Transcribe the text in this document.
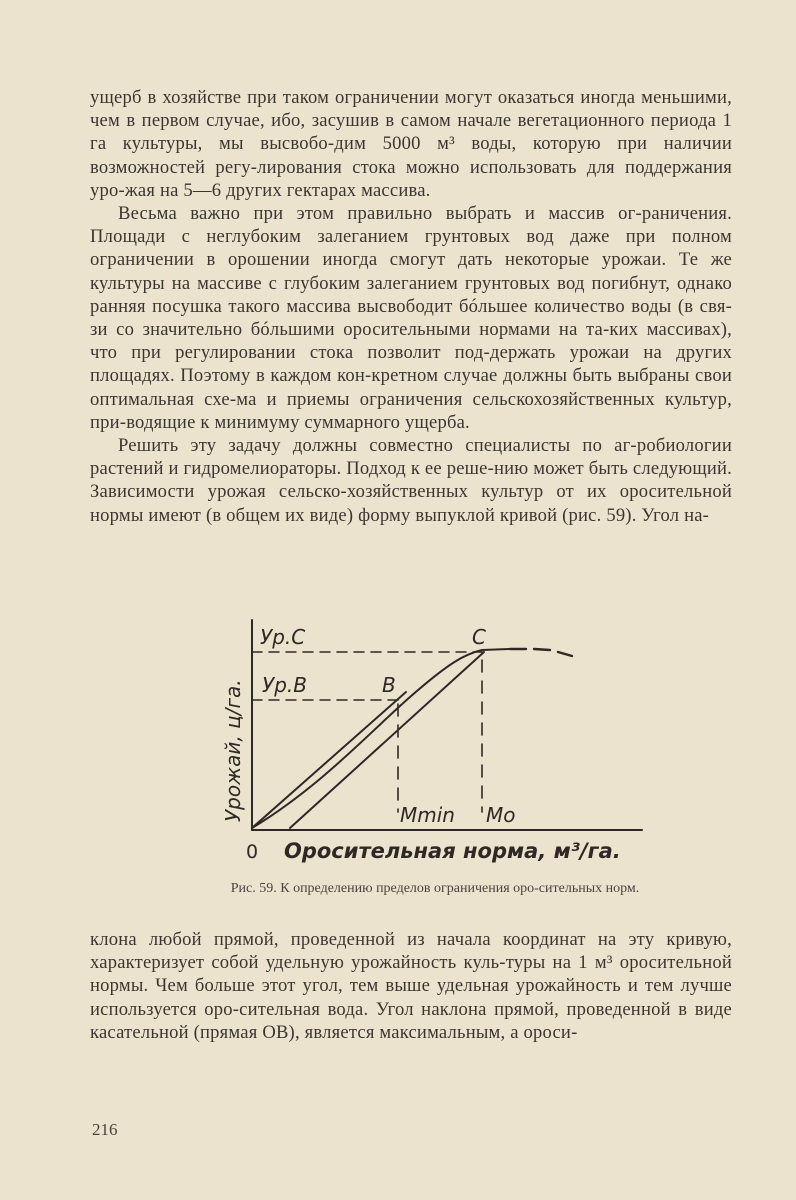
ущерб в хозяйстве при таком ограничении могут оказаться иногда меньшими, чем в первом случае, ибо, засушив в самом начале вегетационного периода 1 га культуры, мы высвобо-дим 5000 м³ воды, которую при наличии возможностей регу-лирования стока можно использовать для поддержания уро-жая на 5—6 других гектарах массива.

Весьма важно при этом правильно выбрать и массив ог-раничения. Площади с неглубоким залеганием грунтовых вод даже при полном ограничении в орошении иногда смогут дать некоторые урожаи. Те же культуры на массиве с глубоким залеганием грунтовых вод погибнут, однако ранняя посушка такого массива высвободит бóльшее количество воды (в свя-зи со значительно бóльшими оросительными нормами на та-ких массивах), что при регулировании стока позволит под-держать урожаи на других площадях. Поэтому в каждом кон-кретном случае должны быть выбраны свои оптимальная схе-ма и приемы ограничения сельскохозяйственных культур, при-водящие к минимуму суммарного ущерба.

Решить эту задачу должны совместно специалисты по аг-робиологии растений и гидромелиораторы. Подход к ее реше-нию может быть следующий. Зависимости урожая сельско-хозяйственных культур от их оросительной нормы имеют (в общем их виде) форму выпуклой кривой (рис. 59). Угол на-

Ур.С
Ур.В
С
В
Mmin Mo
Урожай, ц/га.
0 Оросительная норма, м³/га.
Рис. 59. К определению пределов ограничения оро-сительных норм.

клона любой прямой, проведенной из начала координат на эту кривую, характеризует собой удельную урожайность куль-туры на 1 м³ оросительной нормы. Чем больше этот угол, тем выше удельная урожайность и тем лучше используется оро-сительная вода. Угол наклона прямой, проведенной в виде касательной (прямая ОВ), является максимальным, а ороси-

216
